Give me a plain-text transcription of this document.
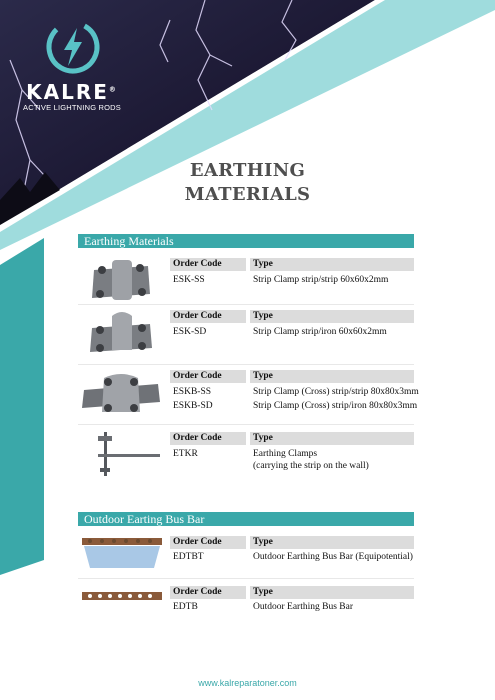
KALRE®
ACTIVE LIGHTNING RODS
EARTHING
MATERIALS
Earthing Materials
Order Code	Type
ESK-SS	Strip Clamp strip/strip 60x60x2mm
Order Code	Type
ESK-SD	Strip Clamp strip/iron 60x60x2mm
Order Code	Type
ESKB-SS	Strip Clamp (Cross) strip/strip 80x80x3mm
ESKB-SD	Strip Clamp (Cross) strip/iron 80x80x3mm
Order Code	Type
ETKR	Earthing Clamps
(carrying the strip on the wall)
Outdoor Earting Bus Bar
Order Code	Type
EDTBT	Outdoor Earthing Bus Bar (Equipotential)
Order Code	Type
EDTB	Outdoor Earthing Bus Bar
www.kalreparatoner.com
